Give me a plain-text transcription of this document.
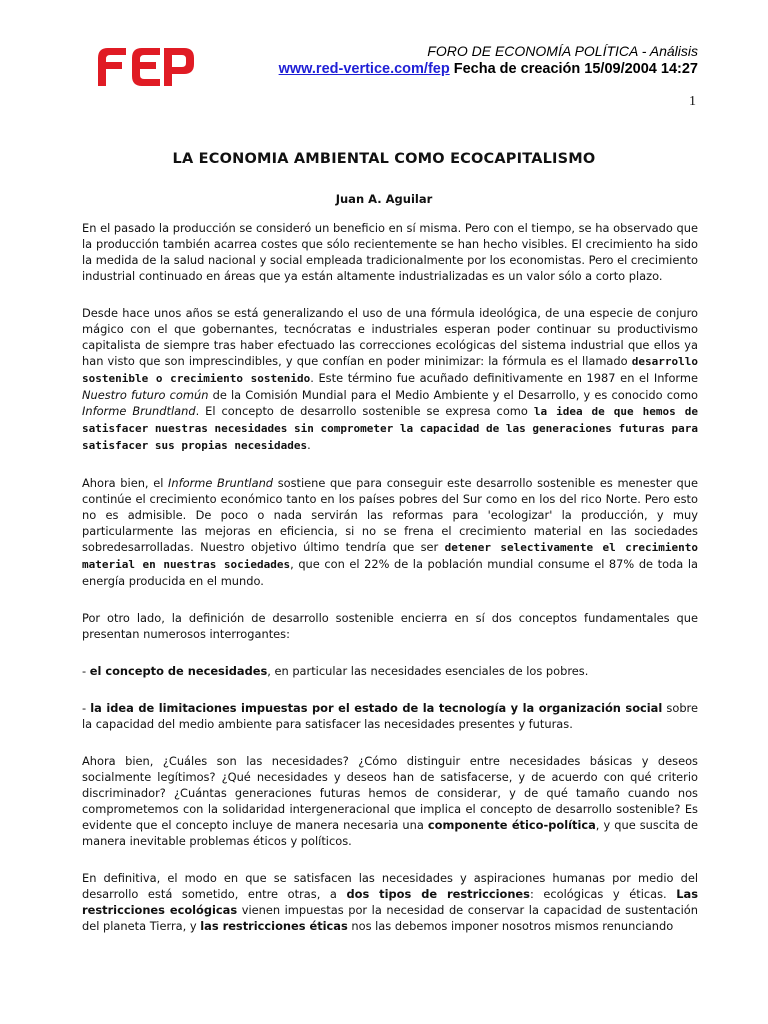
FORO DE ECONOMÍA POLÍTICA - Análisis
www.red-vertice.com/fep Fecha de creación 15/09/2004 14:27
1
LA ECONOMIA AMBIENTAL COMO ECOCAPITALISMO
Juan A. Aguilar

En el pasado la producción se consideró un beneficio en sí misma. Pero con el tiempo, se ha observado que la producción también acarrea costes que sólo recientemente se han hecho visibles. El crecimiento ha sido la medida de la salud nacional y social empleada tradicionalmente por los economistas. Pero el crecimiento industrial continuado en áreas que ya están altamente industrializadas es un valor sólo a corto plazo.

Desde hace unos años se está generalizando el uso de una fórmula ideológica, de una especie de conjuro mágico con el que gobernantes, tecnócratas e industriales esperan poder continuar su productivismo capitalista de siempre tras haber efectuado las correcciones ecológicas del sistema industrial que ellos ya han visto que son imprescindibles, y que confían en poder minimizar: la fórmula es el llamado desarrollo sostenible o crecimiento sostenido. Este término fue acuñado definitivamente en 1987 en el Informe Nuestro futuro común de la Comisión Mundial para el Medio Ambiente y el Desarrollo, y es conocido como Informe Brundtland. El concepto de desarrollo sostenible se expresa como la idea de que hemos de satisfacer nuestras necesidades sin comprometer la capacidad de las generaciones futuras para satisfacer sus propias necesidades.

Ahora bien, el Informe Bruntland sostiene que para conseguir este desarrollo sostenible es menester que continúe el crecimiento económico tanto en los países pobres del Sur como en los del rico Norte. Pero esto no es admisible. De poco o nada servirán las reformas para 'ecologizar' la producción, y muy particularmente las mejoras en eficiencia, si no se frena el crecimiento material en las sociedades sobredesarrolladas. Nuestro objetivo último tendría que ser detener selectivamente el crecimiento material en nuestras sociedades, que con el 22% de la población mundial consume el 87% de toda la energía producida en el mundo.

Por otro lado, la definición de desarrollo sostenible encierra en sí dos conceptos fundamentales que presentan numerosos interrogantes:

- el concepto de necesidades, en particular las necesidades esenciales de los pobres.

- la idea de limitaciones impuestas por el estado de la tecnología y la organización social sobre la capacidad del medio ambiente para satisfacer las necesidades presentes y futuras.

Ahora bien, ¿Cuáles son las necesidades? ¿Cómo distinguir entre necesidades básicas y deseos socialmente legítimos? ¿Qué necesidades y deseos han de satisfacerse, y de acuerdo con qué criterio discriminador? ¿Cuántas generaciones futuras hemos de considerar, y de qué tamaño cuando nos comprometemos con la solidaridad intergeneracional que implica el concepto de desarrollo sostenible? Es evidente que el concepto incluye de manera necesaria una componente ético-política, y que suscita de manera inevitable problemas éticos y políticos.

En definitiva, el modo en que se satisfacen las necesidades y aspiraciones humanas por medio del desarrollo está sometido, entre otras, a dos tipos de restricciones: ecológicas y éticas. Las restricciones ecológicas vienen impuestas por la necesidad de conservar la capacidad de sustentación del planeta Tierra, y las restricciones éticas nos las debemos imponer nosotros mismos renunciando
